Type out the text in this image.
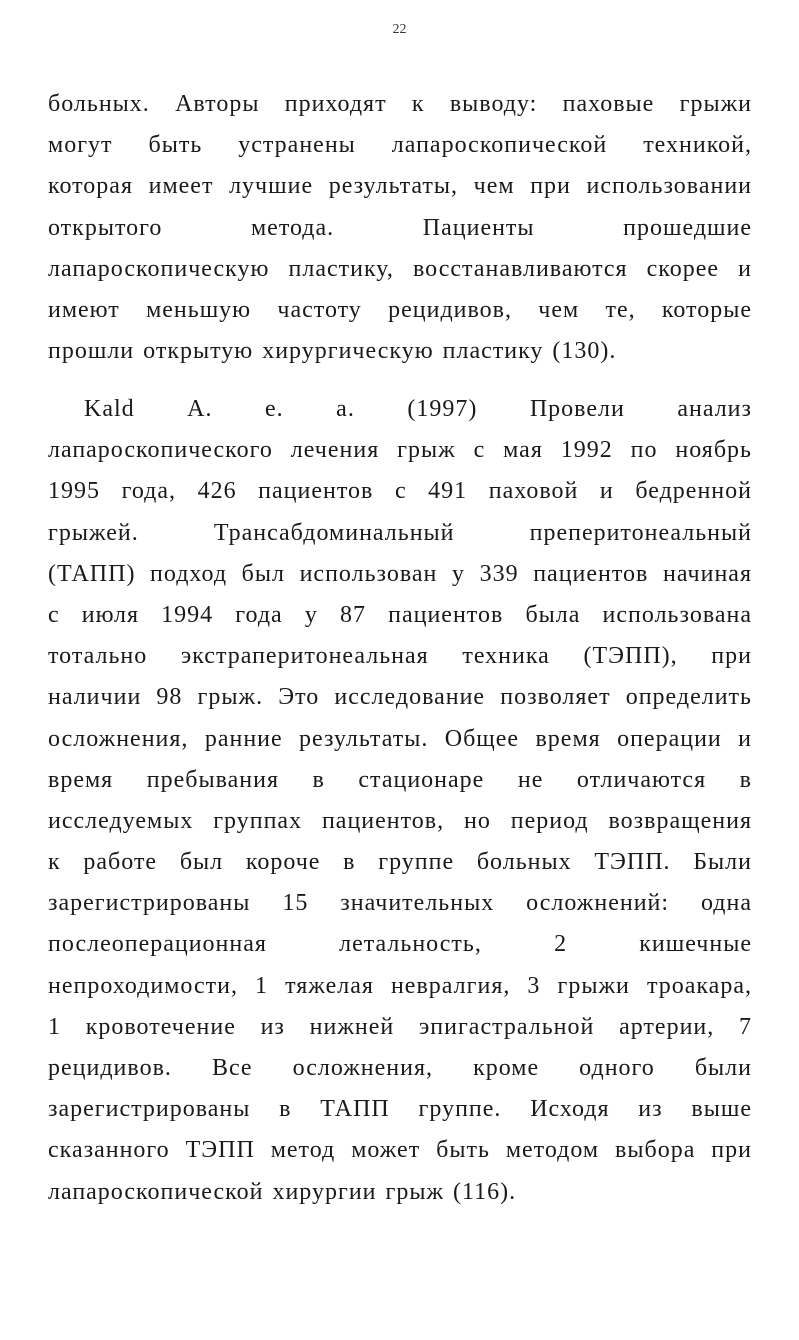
22
больных. Авторы приходят к выводу: паховые грыжи
могут быть устранены лапароскопической техникой,
которая имеет лучшие результаты, чем при использовании
открытого метода. Пациенты прошедшие
лапароскопическую пластику, восстанавливаются скорее и
имеют меньшую частоту рецидивов, чем те, которые
прошли открытую хирургическую пластику (130).
Kald А. е. а. (1997) Провели анализ
лапароскопического лечения грыж с мая 1992 по ноябрь
1995 года, 426 пациентов с 491 паховой и бедренной
грыжей. Трансабдоминальный преперитонеальный
(ТАПП) подход был использован у 339 пациентов начиная
с июля 1994 года у 87 пациентов была использована
тотально экстраперитонеальная техника (ТЭПП), при
наличии 98 грыж. Это исследование позволяет определить
осложнения, ранние результаты. Общее время операции и
время пребывания в стационаре не отличаются в
исследуемых группах пациентов, но период возвращения
к работе был короче в группе больных ТЭПП. Были
зарегистрированы 15 значительных осложнений: одна
послеоперационная летальность, 2 кишечные
непроходимости, 1 тяжелая невралгия, 3 грыжи троакара,
1 кровотечение из нижней эпигастральной артерии, 7
рецидивов. Все осложнения, кроме одного были
зарегистрированы в ТАПП группе. Исходя из выше
сказанного ТЭПП метод может быть методом выбора при
лапароскопической хирургии грыж (116).
